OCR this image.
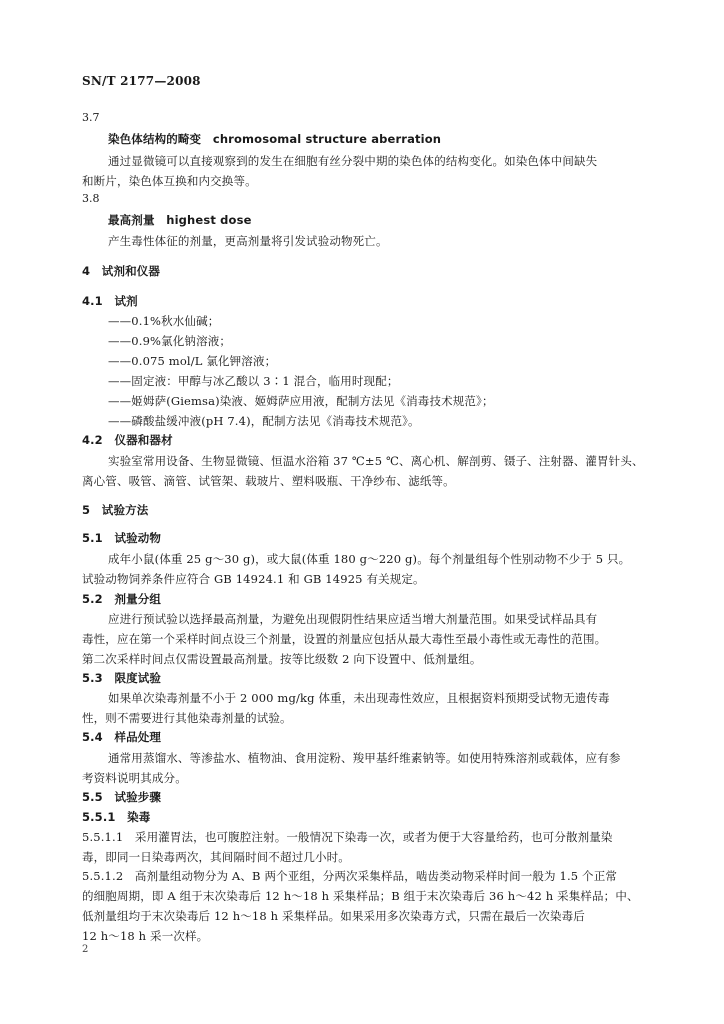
SN/T 2177—2008
3.7
染色体结构的畸变　chromosomal structure aberration
通过显微镜可以直接观察到的发生在细胞有丝分裂中期的染色体的结构变化。如染色体中间缺失
和断片，染色体互换和内交换等。
3.8
最高剂量　highest dose
产生毒性体征的剂量，更高剂量将引发试验动物死亡。
4　试剂和仪器
4.1　试剂
——0.1%秋水仙碱；
——0.9%氯化钠溶液；
——0.075 mol/L 氯化钾溶液；
——固定液：甲醇与冰乙酸以 3∶1 混合，临用时现配；
——姬姆萨(Giemsa)染液、姬姆萨应用液，配制方法见《消毒技术规范》；
——磷酸盐缓冲液(pH 7.4)，配制方法见《消毒技术规范》。
4.2　仪器和器材
实验室常用设备、生物显微镜、恒温水浴箱 37 ℃±5 ℃、离心机、解剖剪、镊子、注射器、灌胃针头、
离心管、吸管、滴管、试管架、载玻片、塑料吸瓶、干净纱布、滤纸等。
5　试验方法
5.1　试验动物
成年小鼠(体重 25 g～30 g)，或大鼠(体重 180 g～220 g)。每个剂量组每个性别动物不少于 5 只。
试验动物饲养条件应符合 GB 14924.1 和 GB 14925 有关规定。
5.2　剂量分组
应进行预试验以选择最高剂量，为避免出现假阴性结果应适当增大剂量范围。如果受试样品具有
毒性，应在第一个采样时间点设三个剂量，设置的剂量应包括从最大毒性至最小毒性或无毒性的范围。
第二次采样时间点仅需设置最高剂量。按等比级数 2 向下设置中、低剂量组。
5.3　限度试验
如果单次染毒剂量不小于 2 000 mg/kg 体重，未出现毒性效应，且根据资料预期受试物无遗传毒
性，则不需要进行其他染毒剂量的试验。
5.4　样品处理
通常用蒸馏水、等渗盐水、植物油、食用淀粉、羧甲基纤维素钠等。如使用特殊溶剂或载体，应有参
考资料说明其成分。
5.5　试验步骤
5.5.1　染毒
5.5.1.1　采用灌胃法，也可腹腔注射。一般情况下染毒一次，或者为便于大容量给药，也可分散剂量染
毒，即同一日染毒两次，其间隔时间不超过几小时。
5.5.1.2　高剂量组动物分为 A、B 两个亚组，分两次采集样品，啮齿类动物采样时间一般为 1.5 个正常
的细胞周期，即 A 组于末次染毒后 12 h～18 h 采集样品；B 组于末次染毒后 36 h～42 h 采集样品；中、
低剂量组均于末次染毒后 12 h～18 h 采集样品。如果采用多次染毒方式，只需在最后一次染毒后
12 h～18 h 采一次样。
2
